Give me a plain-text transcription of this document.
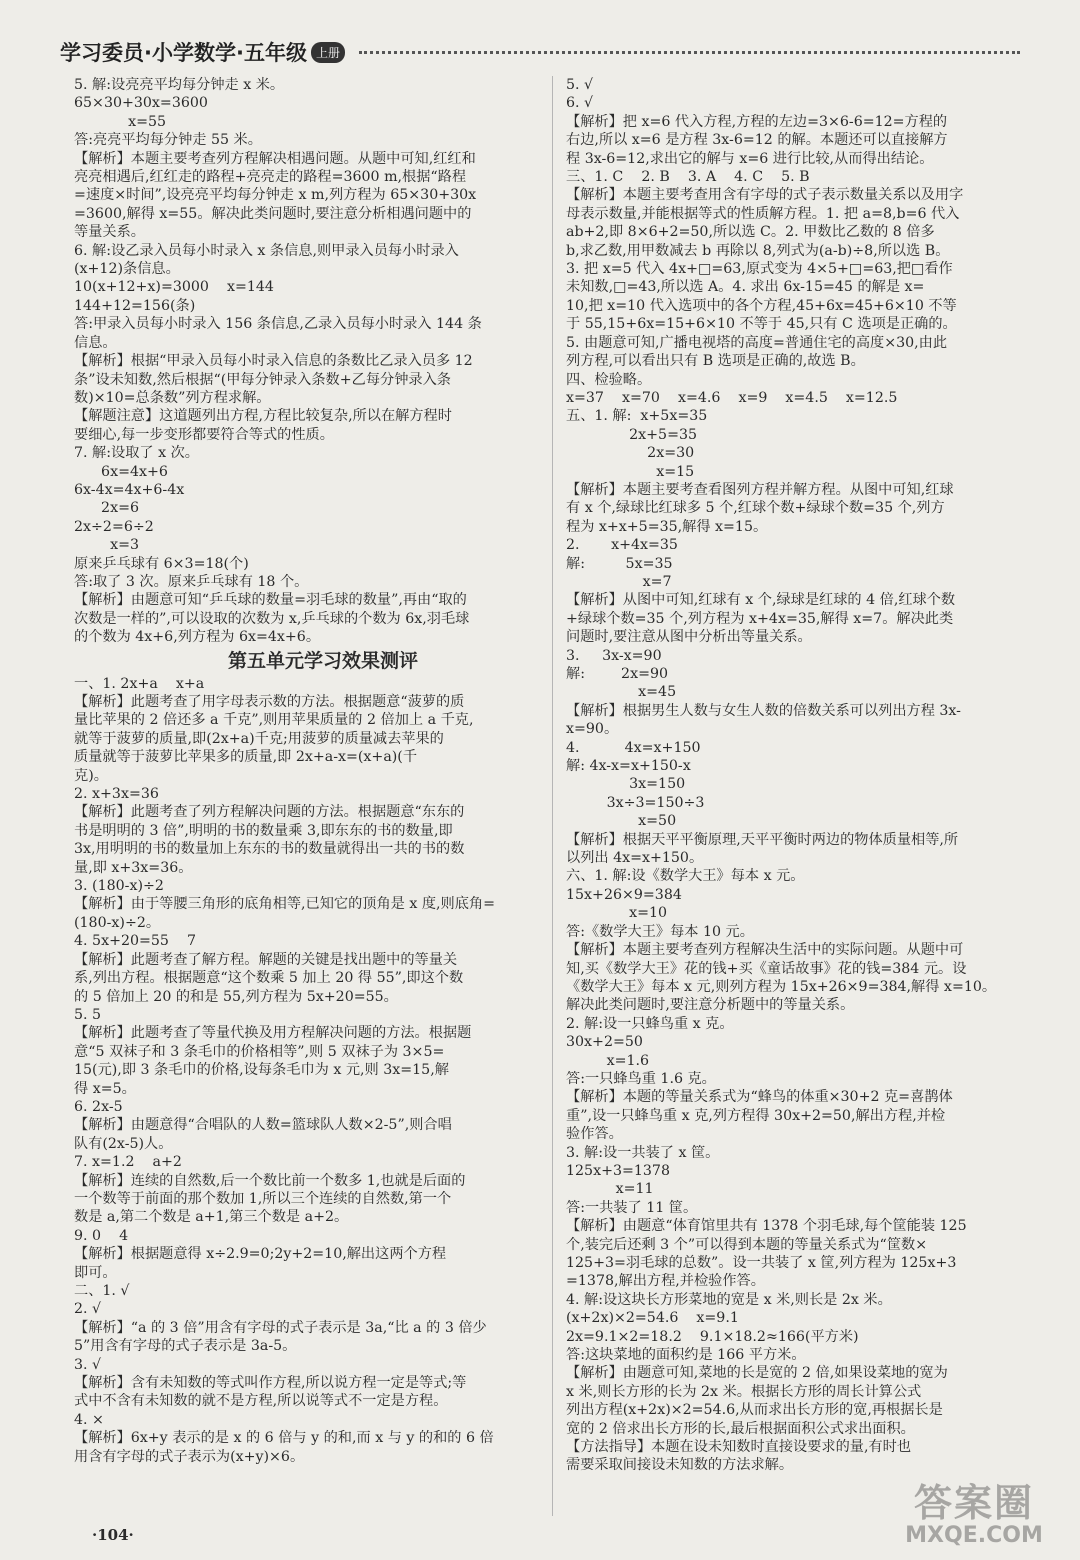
学习委员·小学数学·五年级 上册
5. 解:设亮亮平均每分钟走 x 米。
65×30+30x=3600
x=55
答:亮亮平均每分钟走 55 米。
【解析】本题主要考查列方程解决相遇问题。从题中可知,红红和
亮亮相遇后,红红走的路程+亮亮走的路程=3600 m,根据“路程
=速度×时间”,设亮亮平均每分钟走 x m,列方程为 65×30+30x
=3600,解得 x=55。解决此类问题时,要注意分析相遇问题中的
等量关系。
6. 解:设乙录入员每小时录入 x 条信息,则甲录入员每小时录入
(x+12)条信息。
10(x+12+x)=3000    x=144
144+12=156(条)
答:甲录入员每小时录入 156 条信息,乙录入员每小时录入 144 条
信息。
【解析】根据“甲录入员每小时录入信息的条数比乙录入员多 12
条”设未知数,然后根据“(甲每分钟录入条数+乙每分钟录入条
数)×10=总条数”列方程求解。
【解题注意】这道题列出方程,方程比较复杂,所以在解方程时
要细心,每一步变形都要符合等式的性质。
7. 解:设取了 x 次。
6x=4x+6
6x-4x=4x+6-4x
2x=6
2x÷2=6÷2
x=3
原来乒乓球有 6×3=18(个)
答:取了 3 次。原来乒乓球有 18 个。
【解析】由题意可知“乒乓球的数量=羽毛球的数量”,再由“取的
次数是一样的”,可以设取的次数为 x,乒乓球的个数为 6x,羽毛球
的个数为 4x+6,列方程为 6x=4x+6。
第五单元学习效果测评
一、1. 2x+a    x+a
【解析】此题考查了用字母表示数的方法。根据题意“菠萝的质
量比苹果的 2 倍还多 a 千克”,则用苹果质量的 2 倍加上 a 千克,
就等于菠萝的质量,即(2x+a)千克;用菠萝的质量减去苹果的
质量就等于菠萝比苹果多的质量,即 2x+a-x=(x+a)(千
克)。
2. x+3x=36
【解析】此题考查了列方程解决问题的方法。根据题意“东东的
书是明明的 3 倍”,明明的书的数量乘 3,即东东的书的数量,即
3x,用明明的书的数量加上东东的书的数量就得出一共的书的数
量,即 x+3x=36。
3. (180-x)÷2
【解析】由于等腰三角形的底角相等,已知它的顶角是 x 度,则底角=
(180-x)÷2。
4. 5x+20=55    7
【解析】此题考查了解方程。解题的关键是找出题中的等量关
系,列出方程。根据题意“这个数乘 5 加上 20 得 55”,即这个数
的 5 倍加上 20 的和是 55,列方程为 5x+20=55。
5. 5
【解析】此题考查了等量代换及用方程解决问题的方法。根据题
意“5 双袜子和 3 条毛巾的价格相等”,则 5 双袜子为 3×5=
15(元),即 3 条毛巾的价格,设每条毛巾为 x 元,则 3x=15,解
得 x=5。
6. 2x-5
【解析】由题意得“合唱队的人数=篮球队人数×2-5”,则合唱
队有(2x-5)人。
7. x=1.2    a+2
【解析】连续的自然数,后一个数比前一个数多 1,也就是后面的
一个数等于前面的那个数加 1,所以三个连续的自然数,第一个
数是 a,第二个数是 a+1,第三个数是 a+2。
9. 0    4
【解析】根据题意得 x÷2.9=0;2y+2=10,解出这两个方程
即可。
二、1. √
2. √
【解析】“a 的 3 倍”用含有字母的式子表示是 3a,“比 a 的 3 倍少
5”用含有字母的式子表示是 3a-5。
3. √
【解析】含有未知数的等式叫作方程,所以说方程一定是等式;等
式中不含有未知数的就不是方程,所以说等式不一定是方程。
4. ×
【解析】6x+y 表示的是 x 的 6 倍与 y 的和,而 x 与 y 的和的 6 倍
用含有字母的式子表示为(x+y)×6。
5. √
6. √
【解析】把 x=6 代入方程,方程的左边=3×6-6=12=方程的
右边,所以 x=6 是方程 3x-6=12 的解。本题还可以直接解方
程 3x-6=12,求出它的解与 x=6 进行比较,从而得出结论。
三、1. C    2. B    3. A    4. C    5. B
【解析】本题主要考查用含有字母的式子表示数量关系以及用字
母表示数量,并能根据等式的性质解方程。1. 把 a=8,b=6 代入
ab+2,即 8×6+2=50,所以选 C。2. 甲数比乙数的 8 倍多
b,求乙数,用甲数减去 b 再除以 8,列式为(a-b)÷8,所以选 B。
3. 把 x=5 代入 4x+□=63,原式变为 4×5+□=63,把□看作
未知数,□=43,所以选 A。4. 求出 6x-15=45 的解是 x=
10,把 x=10 代入选项中的各个方程,45+6x=45+6×10 不等
于 55,15+6x=15+6×10 不等于 45,只有 C 选项是正确的。
5. 由题意可知,广播电视塔的高度=普通住宅的高度×30,由此
列方程,可以看出只有 B 选项是正确的,故选 B。
四、检验略。
x=37    x=70    x=4.6    x=9    x=4.5    x=12.5
五、1. 解:  x+5x=35
2x+5=35
2x=30
x=15
【解析】本题主要考查看图列方程并解方程。从图中可知,红球
有 x 个,绿球比红球多 5 个,红球个数+绿球个数=35 个,列方
程为 x+x+5=35,解得 x=15。
2.       x+4x=35
解:         5x=35
x=7
【解析】从图中可知,红球有 x 个,绿球是红球的 4 倍,红球个数
+绿球个数=35 个,列方程为 x+4x=35,解得 x=7。解决此类
问题时,要注意从图中分析出等量关系。
3.     3x-x=90
解:        2x=90
x=45
【解析】根据男生人数与女生人数的倍数关系可以列出方程 3x-
x=90。
4.          4x=x+150
解: 4x-x=x+150-x
3x=150
3x÷3=150÷3
x=50
【解析】根据天平平衡原理,天平平衡时两边的物体质量相等,所
以列出 4x=x+150。
六、1. 解:设《数学大王》每本 x 元。
15x+26×9=384
x=10
答:《数学大王》每本 10 元。
【解析】本题主要考查列方程解决生活中的实际问题。从题中可
知,买《数学大王》花的钱+买《童话故事》花的钱=384 元。设
《数学大王》每本 x 元,则列方程为 15x+26×9=384,解得 x=10。
解决此类问题时,要注意分析题中的等量关系。
2. 解:设一只蜂鸟重 x 克。
30x+2=50
x=1.6
答:一只蜂鸟重 1.6 克。
【解析】本题的等量关系式为“蜂鸟的体重×30+2 克=喜鹊体
重”,设一只蜂鸟重 x 克,列方程得 30x+2=50,解出方程,并检
验作答。
3. 解:设一共装了 x 筐。
125x+3=1378
x=11
答:一共装了 11 筐。
【解析】由题意“体育馆里共有 1378 个羽毛球,每个筐能装 125
个,装完后还剩 3 个”可以得到本题的等量关系式为“筐数×
125+3=羽毛球的总数”。设一共装了 x 筐,列方程为 125x+3
=1378,解出方程,并检验作答。
4. 解:设这块长方形菜地的宽是 x 米,则长是 2x 米。
(x+2x)×2=54.6    x=9.1
2x=9.1×2=18.2    9.1×18.2≈166(平方米)
答:这块菜地的面积约是 166 平方米。
【解析】由题意可知,菜地的长是宽的 2 倍,如果设菜地的宽为
x 米,则长方形的长为 2x 米。根据长方形的周长计算公式
列出方程(x+2x)×2=54.6,从而求出长方形的宽,再根据长是
宽的 2 倍求出长方形的长,最后根据面积公式求出面积。
【方法指导】本题在设未知数时直接设要求的量,有时也
需要采取间接设未知数的方法求解。
·104·
答案圈
MXQE.COM
